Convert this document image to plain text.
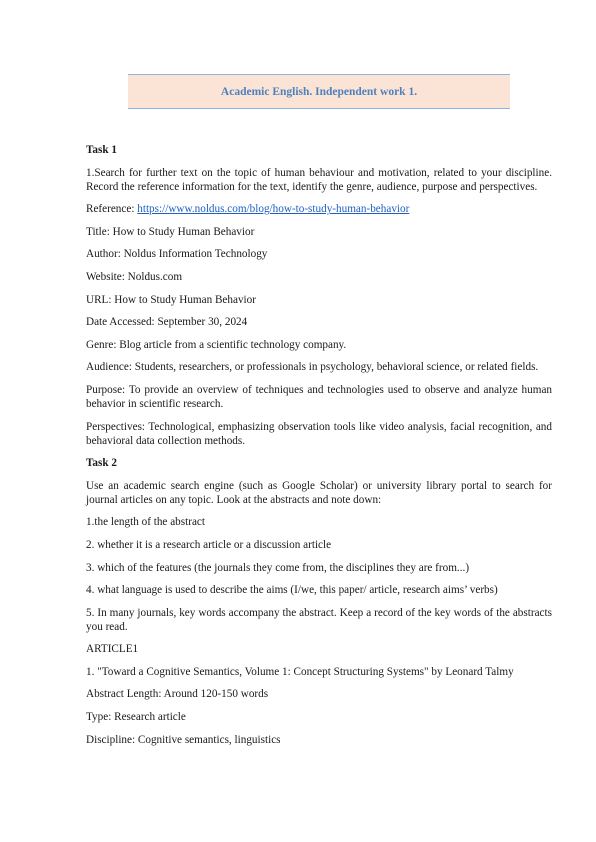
Academic English. Independent work 1.

Task 1

1.Search for further text on the topic of human behaviour and motivation, related to your discipline. Record the reference information for the text, identify the genre, audience, purpose and perspectives.

Reference: https://www.noldus.com/blog/how-to-study-human-behavior

Title: How to Study Human Behavior

Author: Noldus Information Technology

Website: Noldus.com

URL: How to Study Human Behavior

Date Accessed: September 30, 2024

Genre: Blog article from a scientific technology company.

Audience: Students, researchers, or professionals in psychology, behavioral science, or related fields.

Purpose: To provide an overview of techniques and technologies used to observe and analyze human behavior in scientific research.

Perspectives: Technological, emphasizing observation tools like video analysis, facial recognition, and behavioral data collection methods.

Task 2

Use an academic search engine (such as Google Scholar) or university library portal to search for journal articles on any topic. Look at the abstracts and note down:

1.the length of the abstract

2. whether it is a research article or a discussion article

3. which of the features (the journals they come from, the disciplines they are from...)

4. what language is used to describe the aims (I/we, this paper/ article, research aims’ verbs)

5. In many journals, key words accompany the abstract. Keep a record of the key words of the abstracts you read.

ARTICLE1

1. "Toward a Cognitive Semantics, Volume 1: Concept Structuring Systems" by Leonard Talmy

Abstract Length: Around 120-150 words

Type: Research article

Discipline: Cognitive semantics, linguistics
